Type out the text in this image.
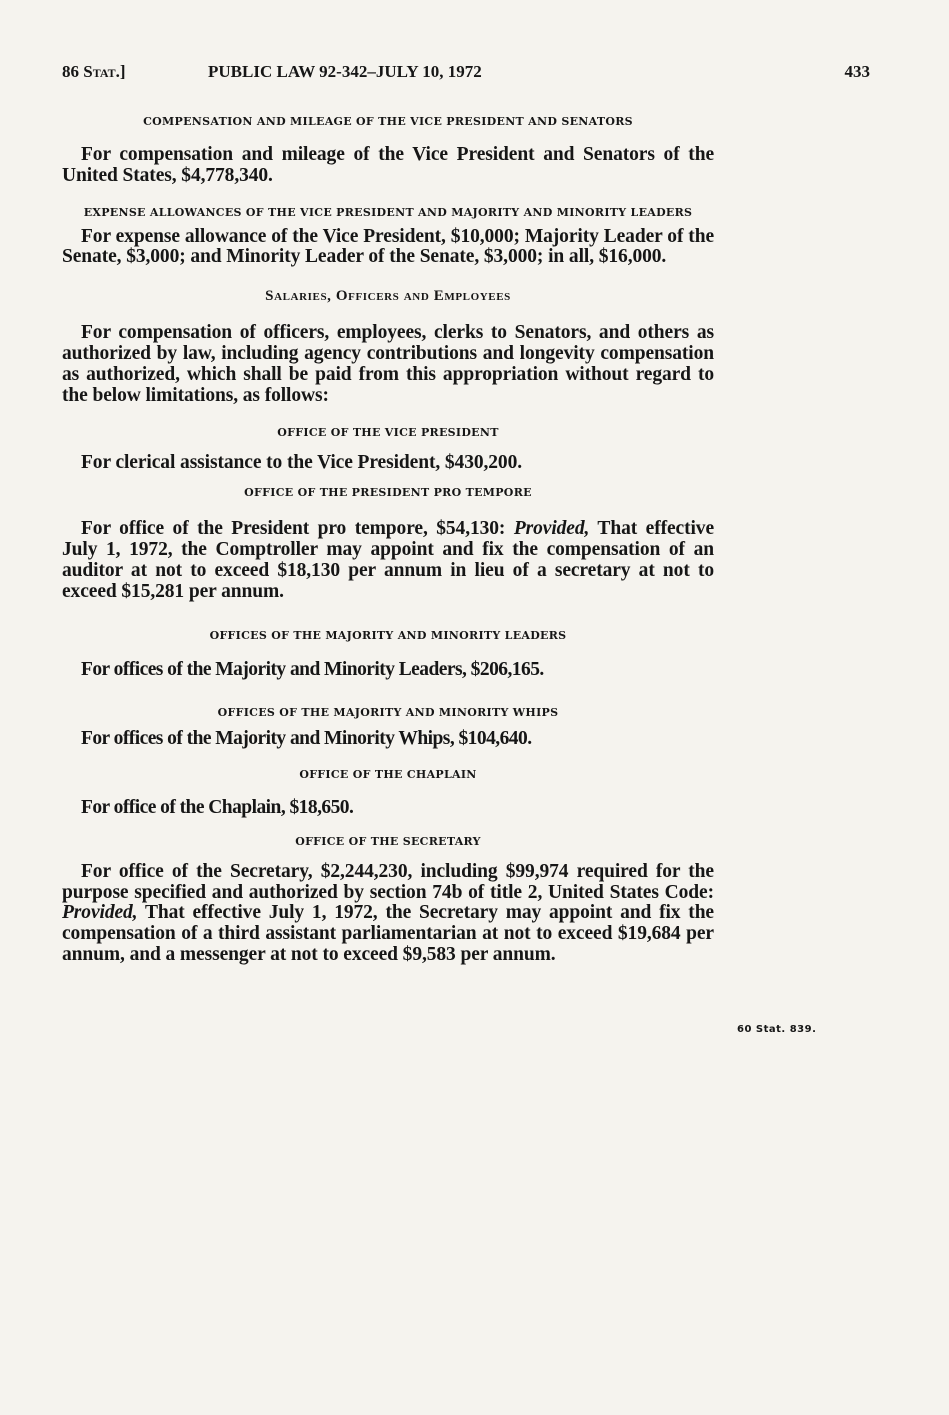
86 Stat.]	PUBLIC LAW 92-342–JULY 10, 1972	433

COMPENSATION AND MILEAGE OF THE VICE PRESIDENT AND SENATORS

For compensation and mileage of the Vice President and Senators of the United States, $4,778,340.

EXPENSE ALLOWANCES OF THE VICE PRESIDENT AND MAJORITY AND MINORITY LEADERS

For expense allowance of the Vice President, $10,000; Majority Leader of the Senate, $3,000; and Minority Leader of the Senate, $3,000; in all, $16,000.

Salaries, Officers and Employees

For compensation of officers, employees, clerks to Senators, and others as authorized by law, including agency contributions and longevity compensation as authorized, which shall be paid from this appropriation without regard to the below limitations, as follows:

OFFICE OF THE VICE PRESIDENT

For clerical assistance to the Vice President, $430,200.

OFFICE OF THE PRESIDENT PRO TEMPORE

For office of the President pro tempore, $54,130: Provided, That effective July 1, 1972, the Comptroller may appoint and fix the compensation of an auditor at not to exceed $18,130 per annum in lieu of a secretary at not to exceed $15,281 per annum.

OFFICES OF THE MAJORITY AND MINORITY LEADERS

For offices of the Majority and Minority Leaders, $206,165.

OFFICES OF THE MAJORITY AND MINORITY WHIPS

For offices of the Majority and Minority Whips, $104,640.

OFFICE OF THE CHAPLAIN

For office of the Chaplain, $18,650.

OFFICE OF THE SECRETARY

For office of the Secretary, $2,244,230, including $99,974 required for the purpose specified and authorized by section 74b of title 2, United States Code: Provided, That effective July 1, 1972, the Secretary may appoint and fix the compensation of a third assistant parliamentarian at not to exceed $19,684 per annum, and a messenger at not to exceed $9,583 per annum.

60 Stat. 839.
